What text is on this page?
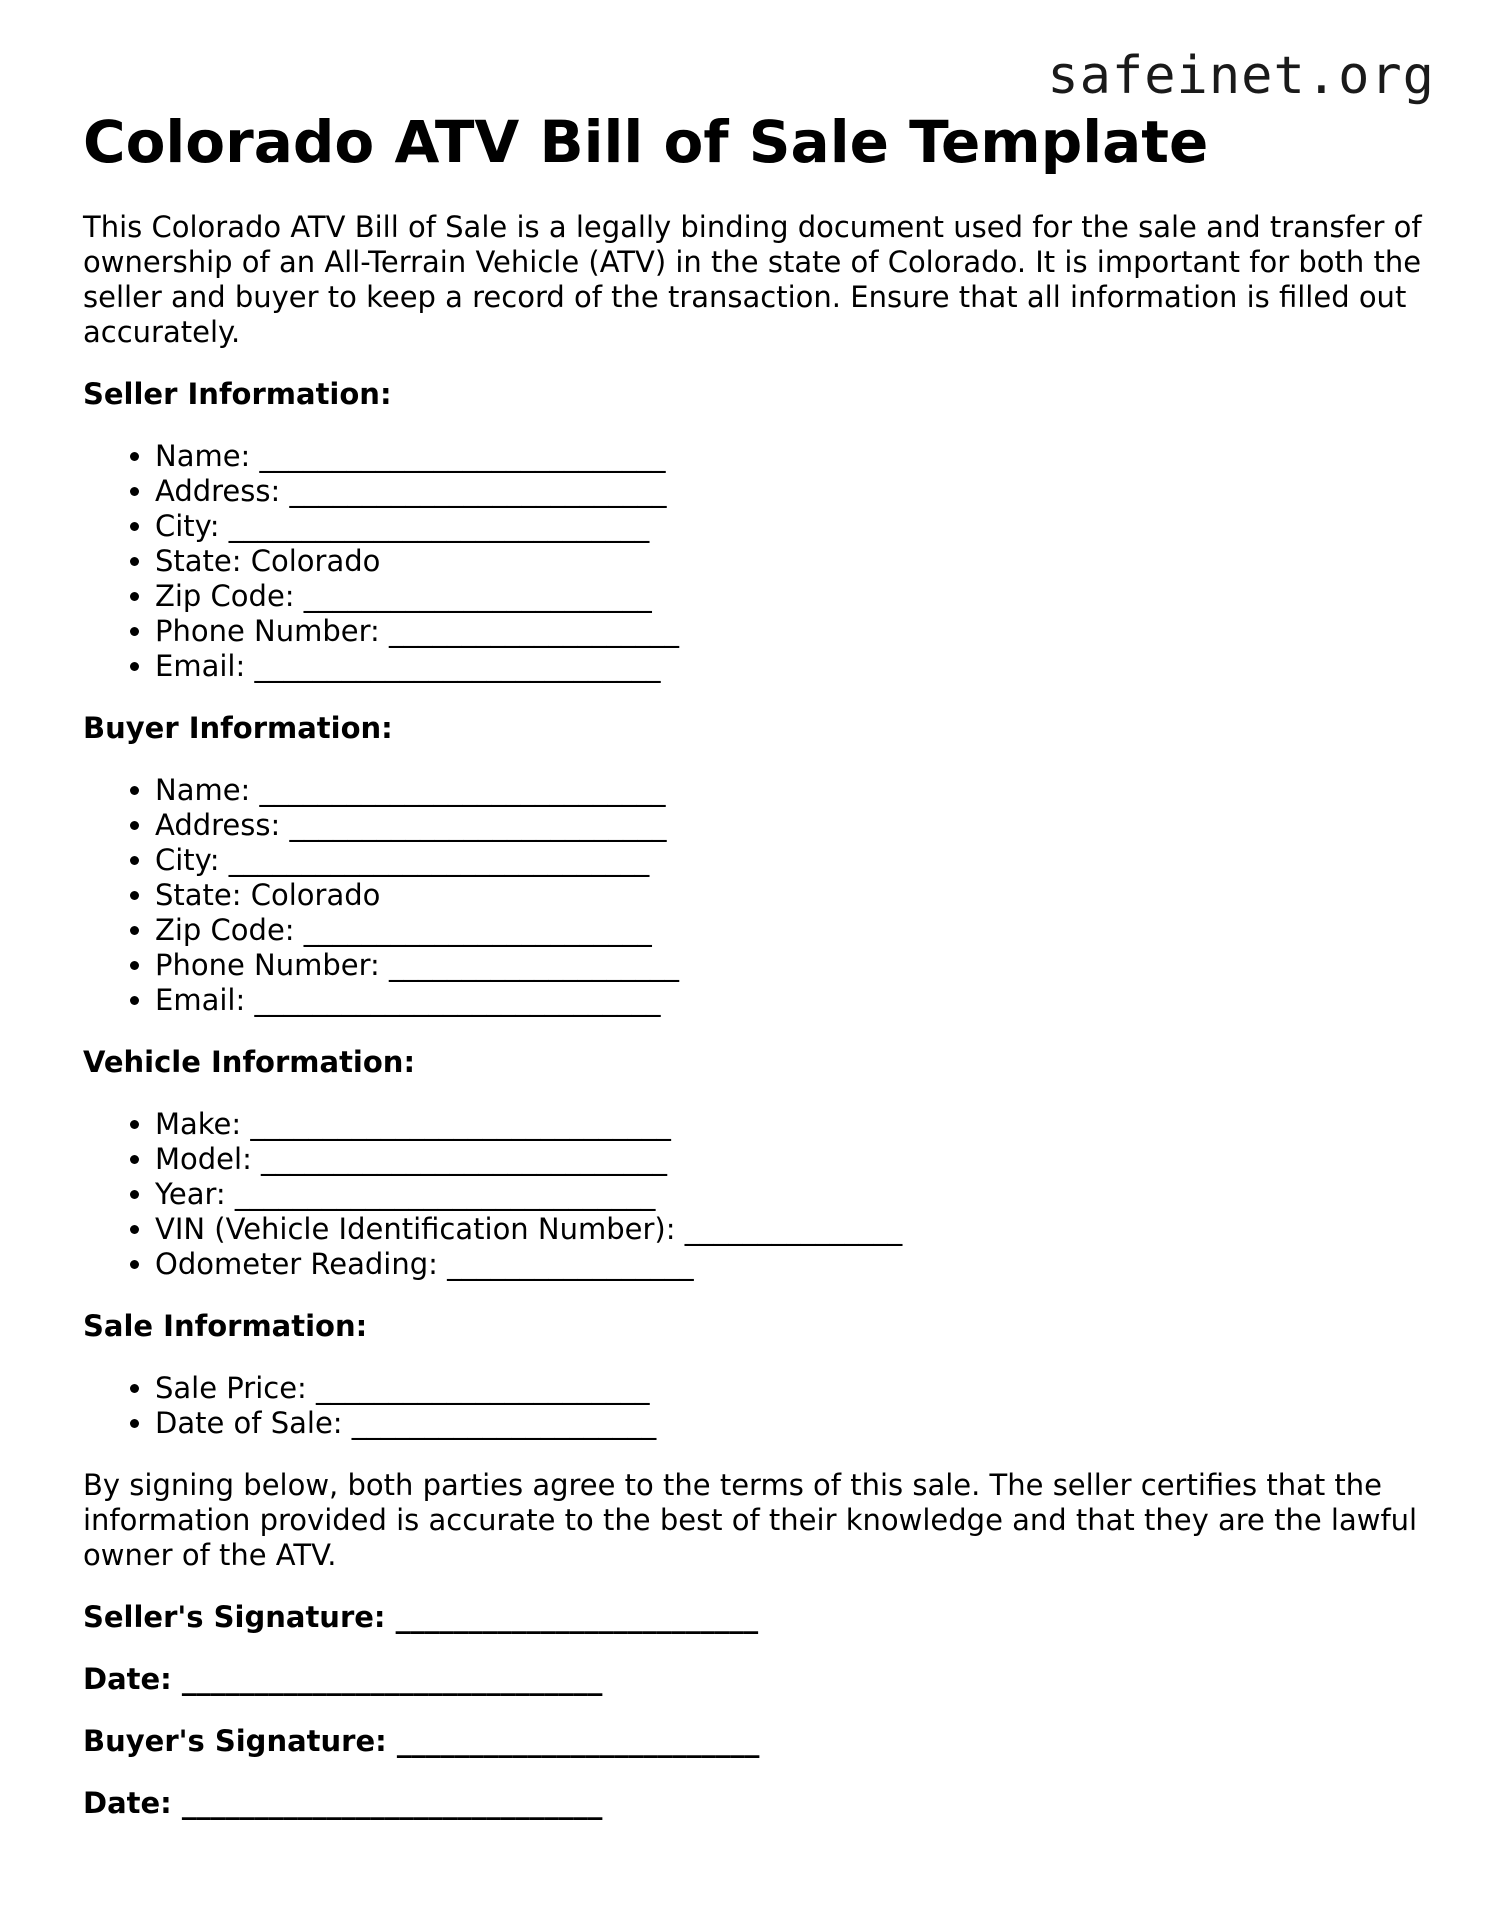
safeinet.org
Colorado ATV Bill of Sale Template

This Colorado ATV Bill of Sale is a legally binding document used for the sale and transfer of ownership of an All-Terrain Vehicle (ATV) in the state of Colorado. It is important for both the seller and buyer to keep a record of the transaction. Ensure that all information is filled out accurately.

Seller Information:

• Name: ____________________________
• Address: __________________________
• City: _____________________________
• State: Colorado
• Zip Code: ________________________
• Phone Number: ____________________
• Email: ____________________________

Buyer Information:

• Name: ____________________________
• Address: __________________________
• City: _____________________________
• State: Colorado
• Zip Code: ________________________
• Phone Number: ____________________
• Email: ____________________________

Vehicle Information:

• Make: _____________________________
• Model: ____________________________
• Year: _____________________________
• VIN (Vehicle Identification Number): _______________
• Odometer Reading: _________________

Sale Information:

• Sale Price: _______________________
• Date of Sale: _____________________

By signing below, both parties agree to the terms of this sale. The seller certifies that the information provided is accurate to the best of their knowledge and that they are the lawful owner of the ATV.

Seller's Signature: _________________________

Date: _____________________________

Buyer's Signature: _________________________

Date: _____________________________
